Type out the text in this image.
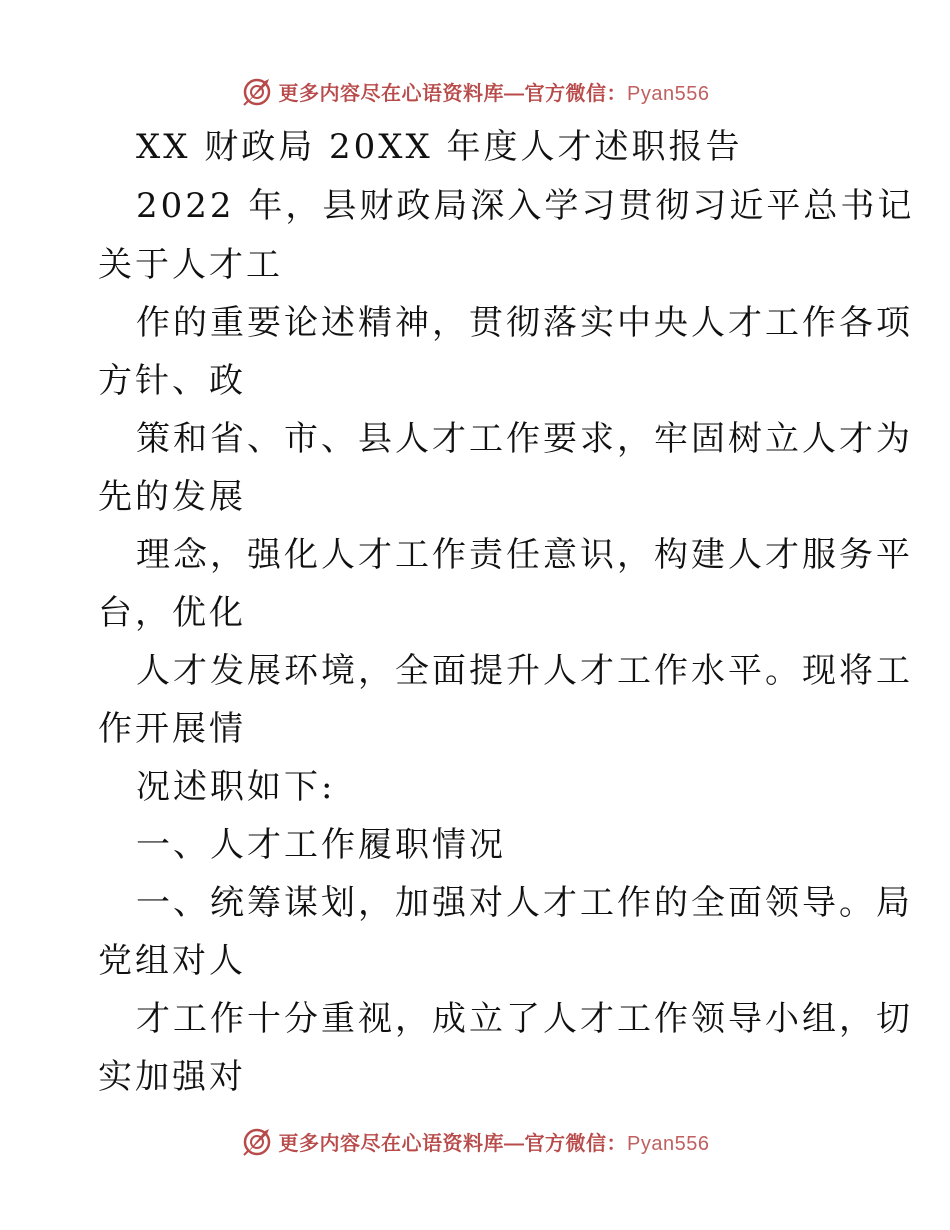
更多内容尽在心语资料库—官方微信：Pyan556
XX 财政局 20XX 年度人才述职报告
2022 年，县财政局深入学习贯彻习近平总书记
关于人才工
作的重要论述精神，贯彻落实中央人才工作各项
方针、政
策和省、市、县人才工作要求，牢固树立人才为
先的发展
理念，强化人才工作责任意识，构建人才服务平
台，优化
人才发展环境，全面提升人才工作水平。现将工
作开展情
况述职如下:
一、人才工作履职情况
一、统筹谋划，加强对人才工作的全面领导。局
党组对人
才工作十分重视，成立了人才工作领导小组，切
实加强对
更多内容尽在心语资料库—官方微信：Pyan556
